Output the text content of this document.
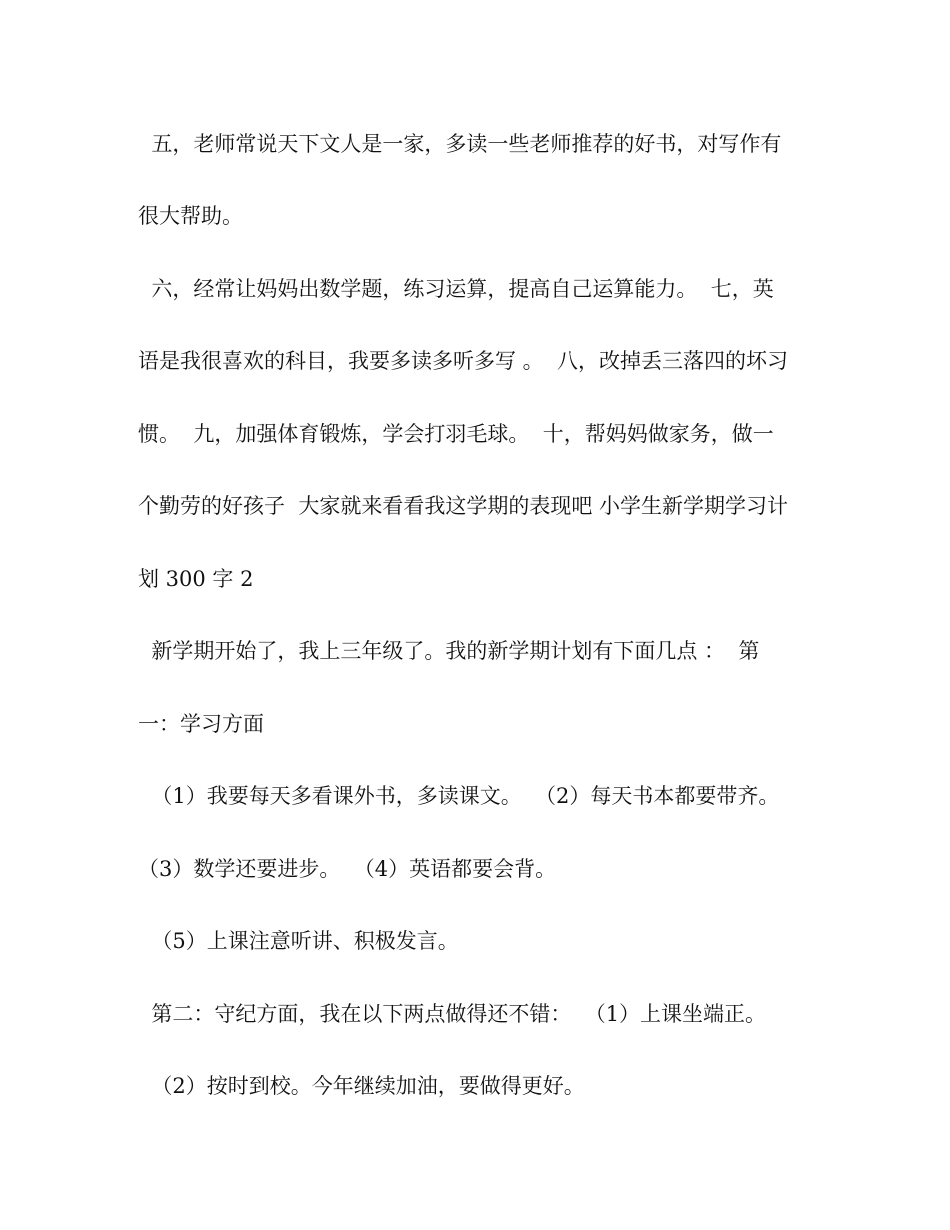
五，老师常说天下文人是一家，多读一些老师推荐的好书，对写作有
很大帮助。
六，经常让妈妈出数学题，练习运算，提高自己运算能力。  七，英
语是我很喜欢的科目，我要多读多听多写 。  八，改掉丢三落四的坏习
惯。  九，加强体育锻炼，学会打羽毛球。  十，帮妈妈做家务，做一
个勤劳的好孩子  大家就来看看我这学期的表现吧 小学生新学期学习计
划 300 字 2
新学期开始了，我上三年级了。我的新学期计划有下面几点 ：  第
一：学习方面
（1）我要每天多看课外书，多读课文。  （2）每天书本都要带齐。
（3）数学还要进步。  （4）英语都要会背。
（5）上课注意听讲、积极发言。
第二：守纪方面，我在以下两点做得还不错：  （1）上课坐端正。
（2）按时到校。今年继续加油，要做得更好。
